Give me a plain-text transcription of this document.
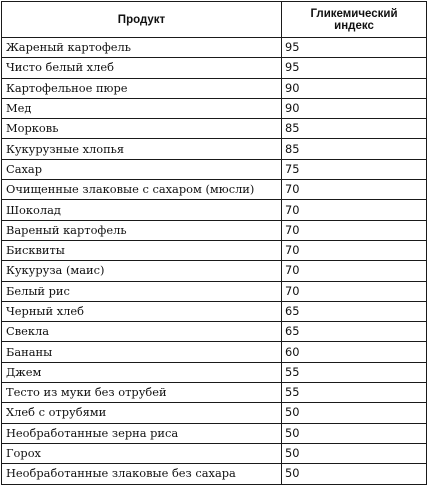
Продукт	Гликемический
индекс

Жареный картофель	95
Чисто белый хлеб	95
Картофельное пюре	90
Мед	90
Морковь	85
Кукурузные хлопья	85
Сахар	75
Очищенные злаковые с сахаром (мюсли)	70
Шоколад	70
Вареный картофель	70
Бисквиты	70
Кукуруза (маис)	70
Белый рис	70
Черный хлеб	65
Свекла	65
Бананы	60
Джем	55
Тесто из муки без отрубей	55
Хлеб с отрубями	50
Необработанные зерна риса	50
Горох	50
Необработанные злаковые без сахара	50
